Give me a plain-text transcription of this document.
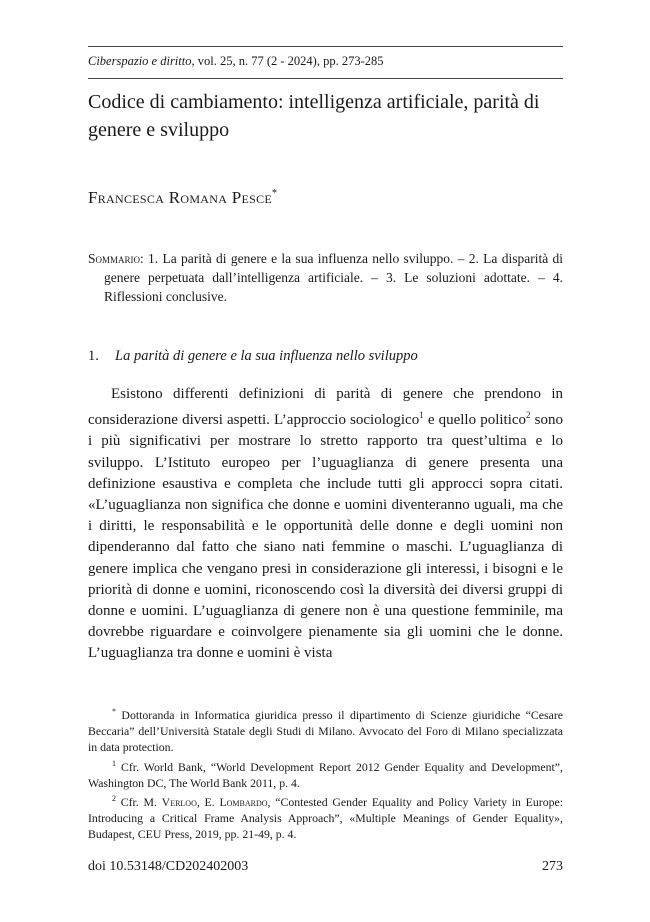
Ciberspazio e diritto, vol. 25, n. 77 (2 - 2024), pp. 273-285
Codice di cambiamento: intelligenza artificiale, parità di genere e sviluppo
Francesca Romana Pesce*
Sommario: 1. La parità di genere e la sua influenza nello sviluppo. – 2. La disparità di genere perpetuata dall’intelligenza artificiale. – 3. Le soluzioni adottate. – 4. Riflessioni conclusive.
1. La parità di genere e la sua influenza nello sviluppo

Esistono differenti definizioni di parità di genere che prendono in considerazione diversi aspetti. L’approccio sociologico$^1$ e quello politico$^2$ sono i più significativi per mostrare lo stretto rapporto tra quest’ultima e lo sviluppo. L’Istituto europeo per l’uguaglianza di genere presenta una definizione esaustiva e completa che include tutti gli approcci sopra citati. «L’uguaglianza non significa che donne e uomini diventeranno uguali, ma che i diritti, le responsabilità e le opportunità delle donne e degli uomini non dipenderanno dal fatto che siano nati femmine o maschi. L’uguaglianza di genere implica che vengano presi in considerazione gli interessi, i bisogni e le priorità di donne e uomini, riconoscendo così la diversità dei diversi gruppi di donne e uomini. L’uguaglianza di genere non è una questione femminile, ma dovrebbe riguardare e coinvolgere pienamente sia gli uomini che le donne. L’uguaglianza tra donne e uomini è vista

* Dottoranda in Informatica giuridica presso il dipartimento di Scienze giuridiche “Cesare Beccaria” dell’Università Statale degli Studi di Milano. Avvocato del Foro di Milano specializzata in data protection.

$^1$ Cfr. World Bank, “World Development Report 2012 Gender Equality and Development”, Washington DC, The World Bank 2011, p. 4.

$^2$ Cfr. M. Verloo, E. Lombardo, “Contested Gender Equality and Policy Variety in Europe: Introducing a Critical Frame Analysis Approach”, «Multiple Meanings of Gender Equality», Budapest, CEU Press, 2019, pp. 21-49, p. 4.

doi 10.53148/CD202402003	273
